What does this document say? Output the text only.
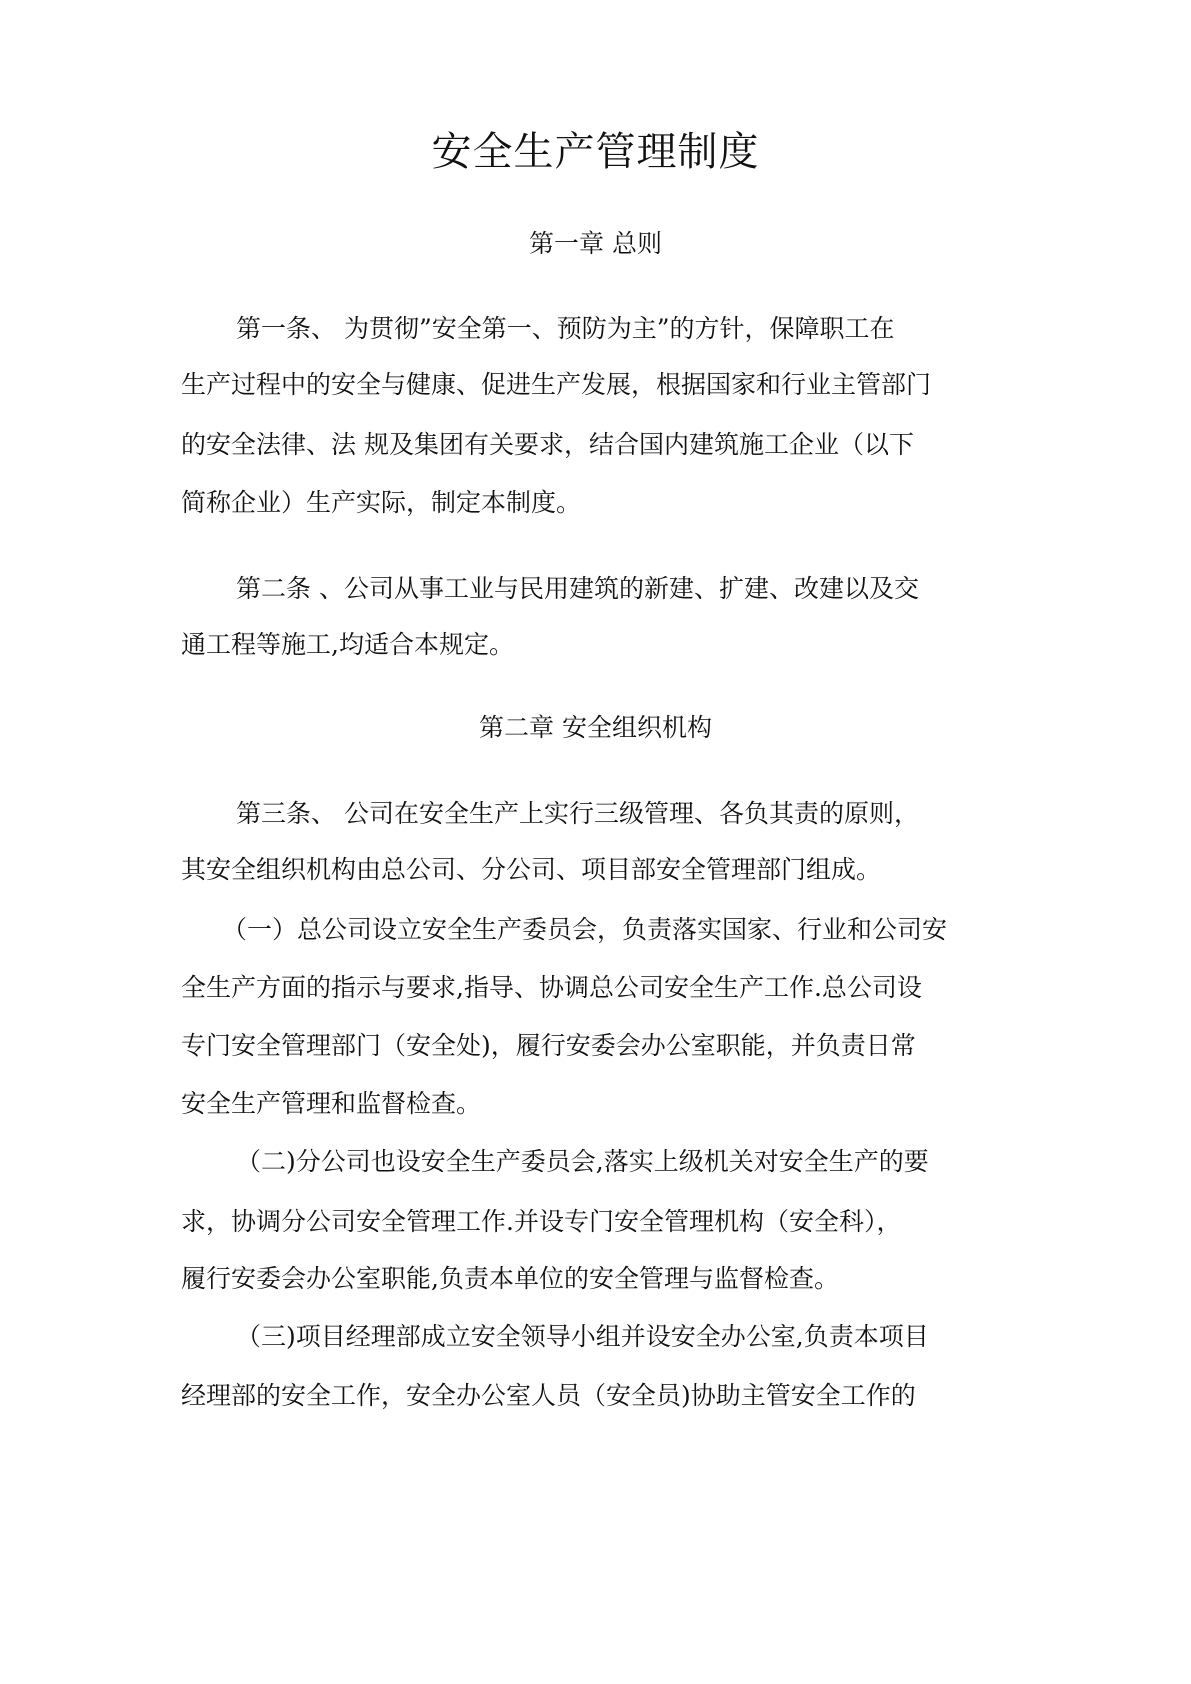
安全生产管理制度
第一章 总则
第一条、 为贯彻”安全第一、预防为主”的方针，保障职工在
生产过程中的安全与健康、促进生产发展，根据国家和行业主管部门
的安全法律、法 规及集团有关要求，结合国内建筑施工企业（以下
简称企业）生产实际，制定本制度。
第二条 、公司从事工业与民用建筑的新建、扩建、改建以及交
通工程等施工,均适合本规定。
第二章 安全组织机构
第三条、 公司在安全生产上实行三级管理、各负其责的原则，
其安全组织机构由总公司、分公司、项目部安全管理部门组成。
（一）总公司设立安全生产委员会，负责落实国家、行业和公司安
全生产方面的指示与要求,指导、协调总公司安全生产工作.总公司设
专门安全管理部门（安全处)，履行安委会办公室职能，并负责日常
安全生产管理和监督检查。
（二)分公司也设安全生产委员会,落实上级机关对安全生产的要
求，协调分公司安全管理工作.并设专门安全管理机构（安全科），
履行安委会办公室职能,负责本单位的安全管理与监督检查。
（三)项目经理部成立安全领导小组并设安全办公室,负责本项目
经理部的安全工作，安全办公室人员（安全员)协助主管安全工作的
